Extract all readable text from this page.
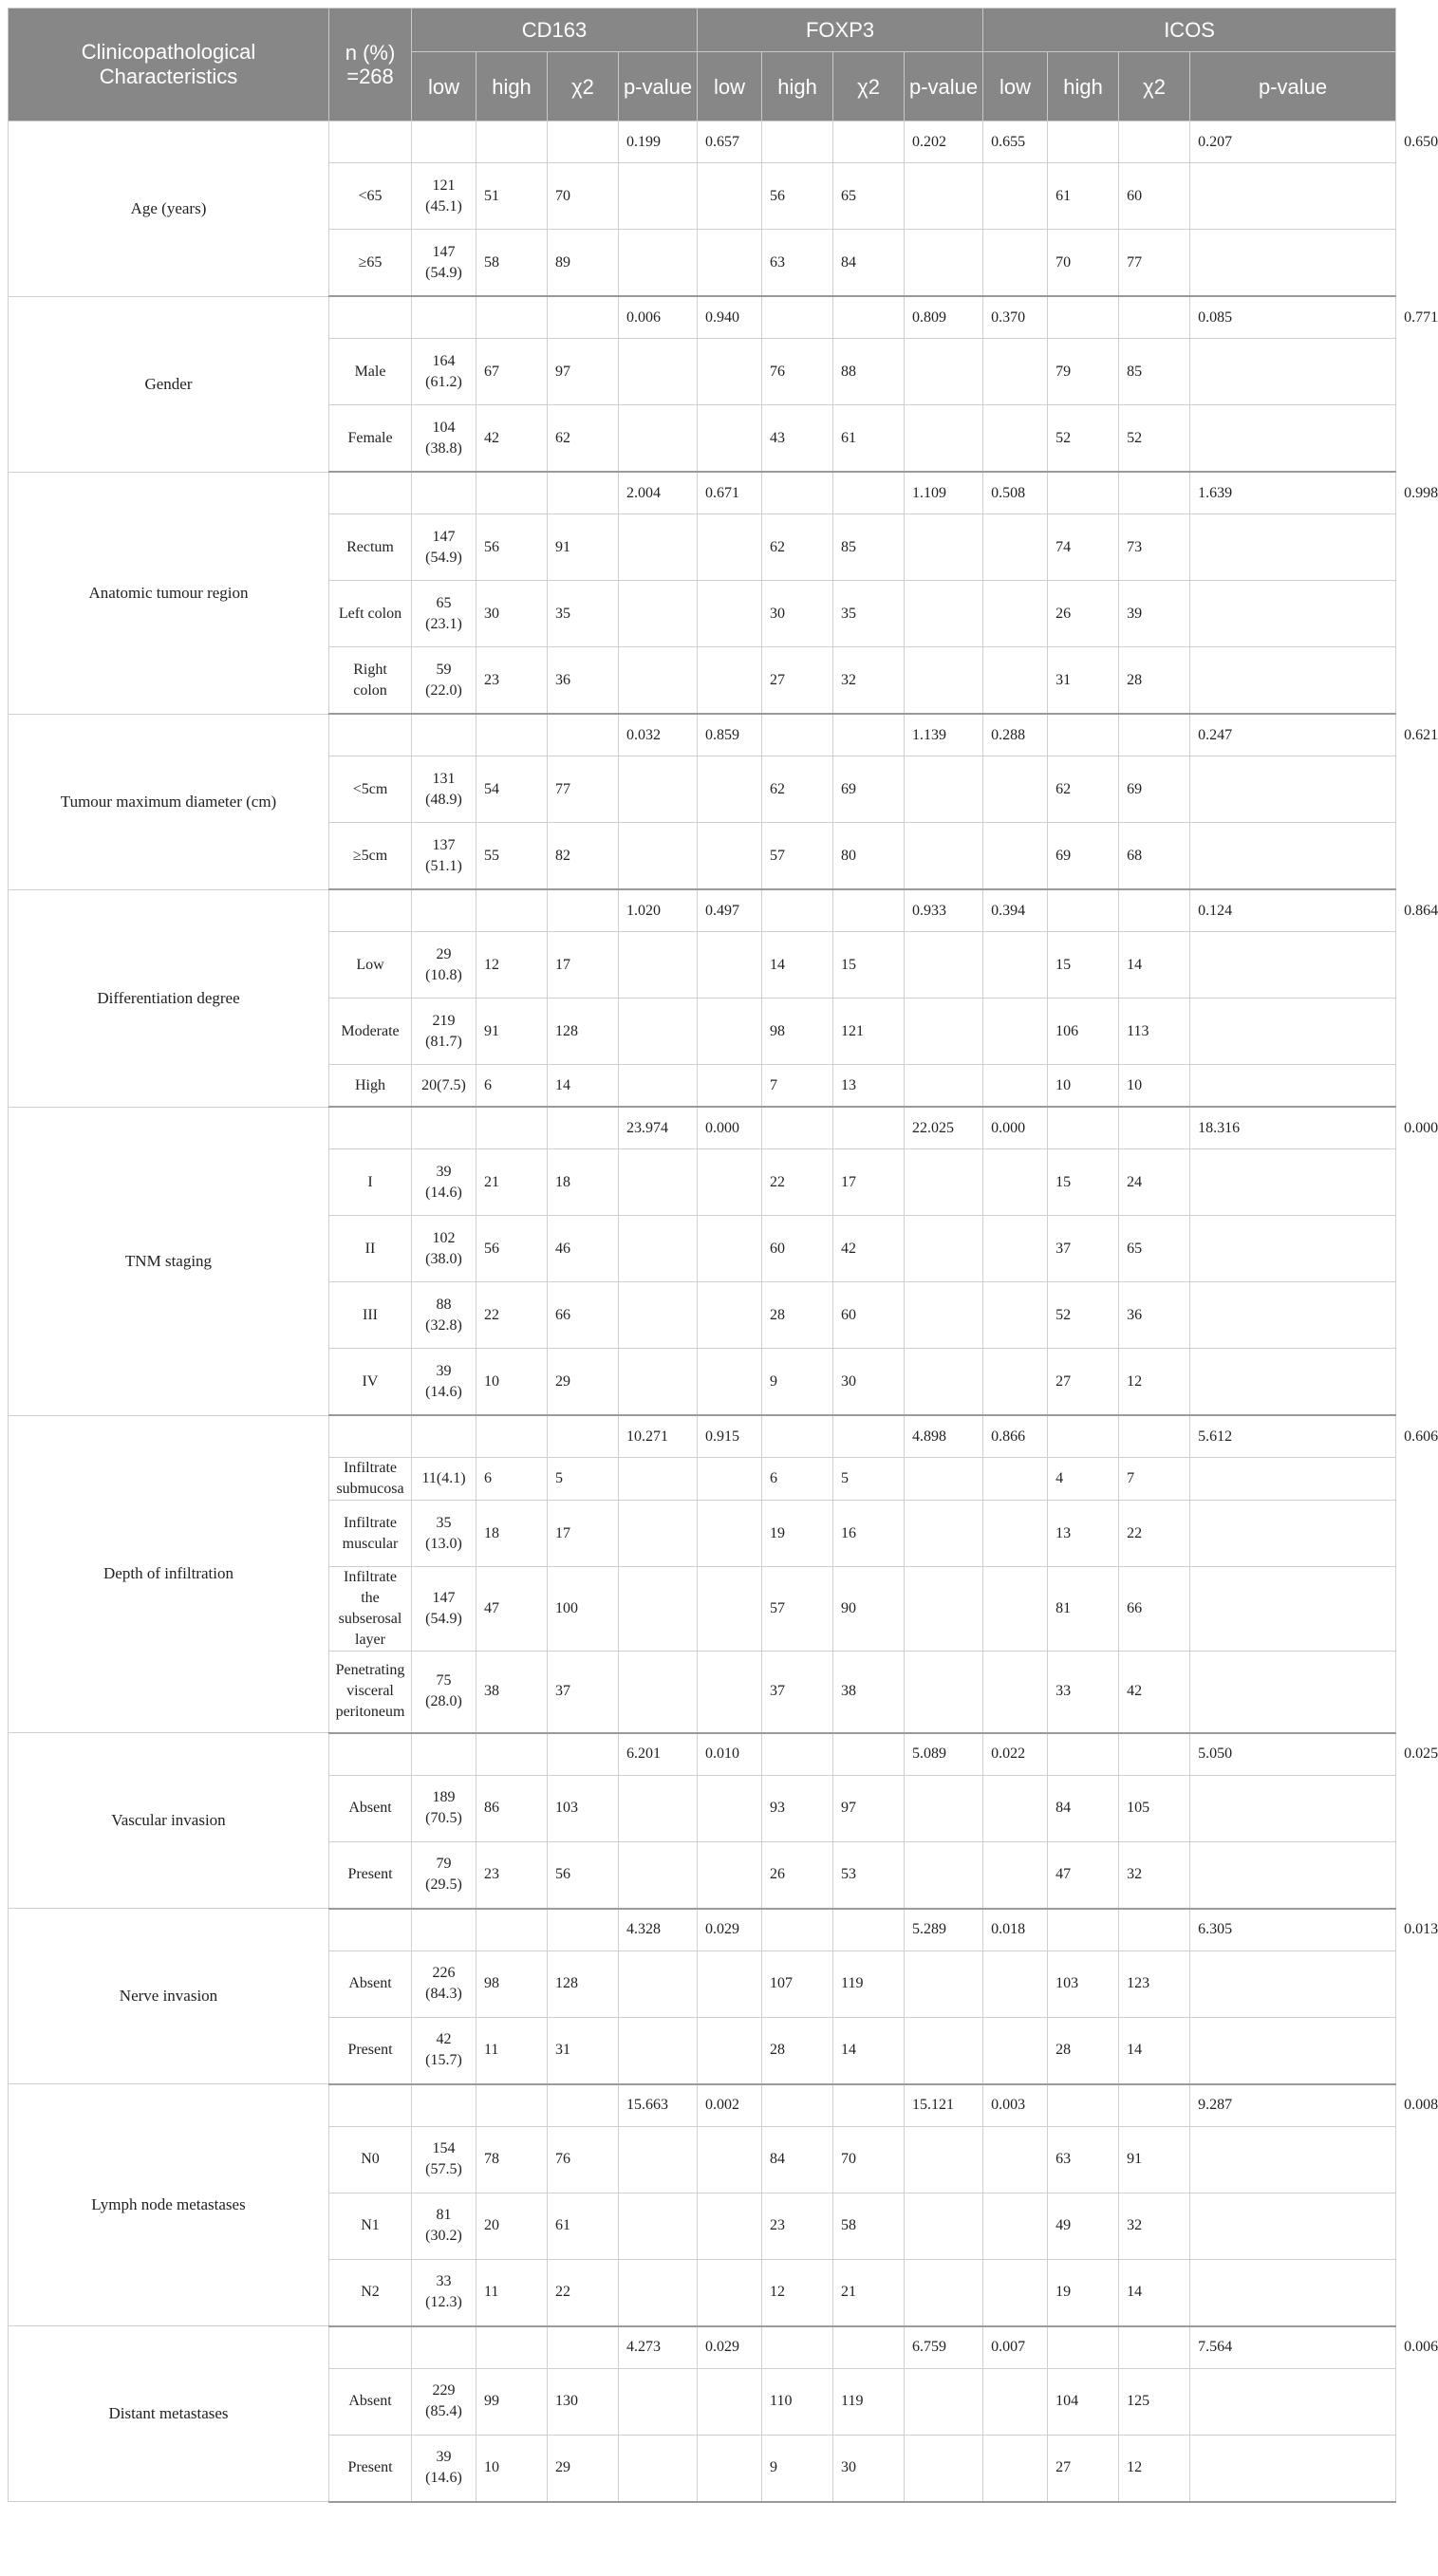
Clinicopathological Characteristics	n (%) =268	CD163				FOXP3				ICOS				
		low	high	χ2	p-value	low	high	χ2	p-value	low	high	χ2	p-value	
Age (years)					0.199	0.657			0.202	0.655			0.207	0.650
	<65	121 (45.1)	51	70			56	65			61	60		
	≥65	147 (54.9)	58	89			63	84			70	77		
Gender					0.006	0.940			0.809	0.370			0.085	0.771
	Male	164 (61.2)	67	97			76	88			79	85		
	Female	104 (38.8)	42	62			43	61			52	52		
Anatomic tumour region					2.004	0.671			1.109	0.508			1.639	0.998
	Rectum	147 (54.9)	56	91			62	85			74	73		
	Left colon	65 (23.1)	30	35			30	35			26	39		
	Right colon	59 (22.0)	23	36			27	32			31	28		
Tumour maximum diameter (cm)					0.032	0.859			1.139	0.288			0.247	0.621
	<5cm	131 (48.9)	54	77			62	69			62	69		
	≥5cm	137 (51.1)	55	82			57	80			69	68		
Differentiation degree					1.020	0.497			0.933	0.394			0.124	0.864
	Low	29 (10.8)	12	17			14	15			15	14		
	Moderate	219 (81.7)	91	128			98	121			106	113		
	High	20(7.5)	6	14			7	13			10	10		
TNM staging					23.974	0.000			22.025	0.000			18.316	0.000
	I	39 (14.6)	21	18			22	17			15	24		
	II	102 (38.0)	56	46			60	42			37	65		
	III	88 (32.8)	22	66			28	60			52	36		
	IV	39 (14.6)	10	29			9	30			27	12		
Depth of infiltration					10.271	0.915			4.898	0.866			5.612	0.606
	Infiltrate submucosa	11(4.1)	6	5			6	5			4	7		
	Infiltrate muscular	35 (13.0)	18	17			19	16			13	22		
	Infiltrate the subserosal layer	147 (54.9)	47	100			57	90			81	66		
	Penetrating visceral peritoneum	75 (28.0)	38	37			37	38			33	42		
Vascular invasion					6.201	0.010			5.089	0.022			5.050	0.025
	Absent	189 (70.5)	86	103			93	97			84	105		
	Present	79 (29.5)	23	56			26	53			47	32		
Nerve invasion					4.328	0.029			5.289	0.018			6.305	0.013
	Absent	226 (84.3)	98	128			107	119			103	123		
	Present	42 (15.7)	11	31			28	14			28	14		
Lymph node metastases					15.663	0.002			15.121	0.003			9.287	0.008
	N0	154 (57.5)	78	76			84	70			63	91		
	N1	81 (30.2)	20	61			23	58			49	32		
	N2	33 (12.3)	11	22			12	21			19	14		
Distant metastases					4.273	0.029			6.759	0.007			7.564	0.006
	Absent	229 (85.4)	99	130			110	119			104	125		
	Present	39 (14.6)	10	29			9	30			27	12		
